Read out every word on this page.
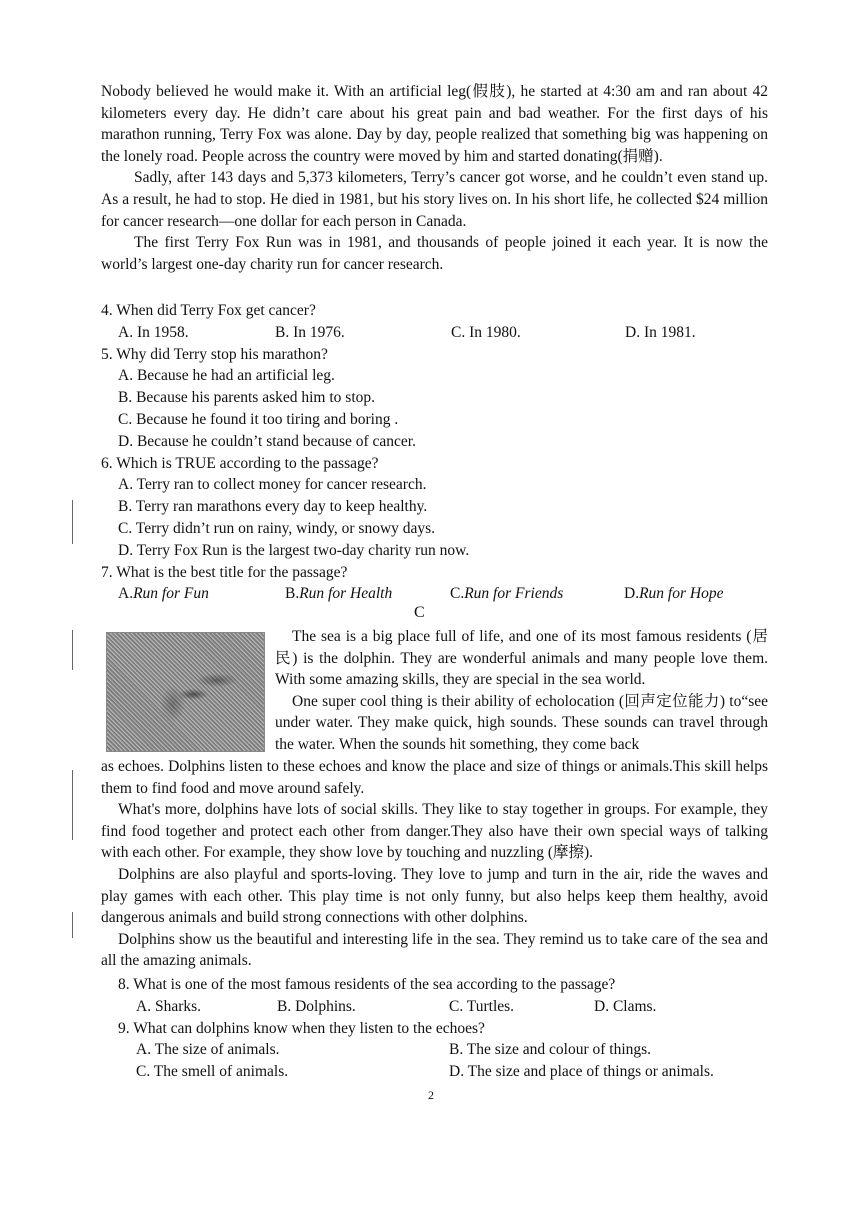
Nobody believed he would make it. With an artificial leg(假肢), he started at 4:30 am and ran about 42 kilometers every day. He didn’t care about his great pain and bad weather. For the first days of his marathon running, Terry Fox was alone. Day by day, people realized that something big was happening on the lonely road. People across the country were moved by him and started donating(捐赠).

Sadly, after 143 days and 5,373 kilometers, Terry’s cancer got worse, and he couldn’t even stand up. As a result, he had to stop. He died in 1981, but his story lives on. In his short life, he collected $24 million for cancer research—one dollar for each person in Canada.

The first Terry Fox Run was in 1981, and thousands of people joined it each year. It is now the world’s largest one-day charity run for cancer research.

4. When did Terry Fox get cancer?

A. In 1958.	B. In 1976.	C. In 1980.	D. In 1981.

5. Why did Terry stop his marathon?

A. Because he had an artificial leg.

B. Because his parents asked him to stop.

C. Because he found it too tiring and boring .

D. Because he couldn’t stand because of cancer.

6. Which is TRUE according to the passage?

A. Terry ran to collect money for cancer research.

B. Terry ran marathons every day to keep healthy.

C. Terry didn’t run on rainy, windy, or snowy days.

D. Terry Fox Run is the largest two-day charity run now.

7. What is the best title for the passage?

A.Run for Fun	B.Run for Health	C.Run for Friends	D.Run for Hope
C

The sea is a big place full of life, and one of its most famous residents (居民) is the dolphin. They are wonderful animals and many people love them. With some amazing skills, they are special in the sea world.

One super cool thing is their ability of echolocation (回声定位能力) to“see under water. They make quick, high sounds. These sounds can travel through the water. When the sounds hit something, they come back

as echoes. Dolphins listen to these echoes and know the place and size of things or animals.This skill helps them to find food and move around safely.

What's more, dolphins have lots of social skills. They like to stay together in groups. For example, they find food together and protect each other from danger.They also have their own special ways of talking with each other. For example, they show love by touching and nuzzling (摩擦).

Dolphins are also playful and sports-loving. They love to jump and turn in the air, ride the waves and play games with each other. This play time is not only funny, but also helps keep them healthy, avoid dangerous animals and build strong connections with other dolphins.

Dolphins show us the beautiful and interesting life in the sea. They remind us to take care of the sea and all the amazing animals.

8. What is one of the most famous residents of the sea according to the passage?

A. Sharks.	B. Dolphins.	C. Turtles.	D. Clams.

9. What can dolphins know when they listen to the echoes?

A. The size of animals.	B. The size and colour of things.
C. The smell of animals.	D. The size and place of things or animals.
2
